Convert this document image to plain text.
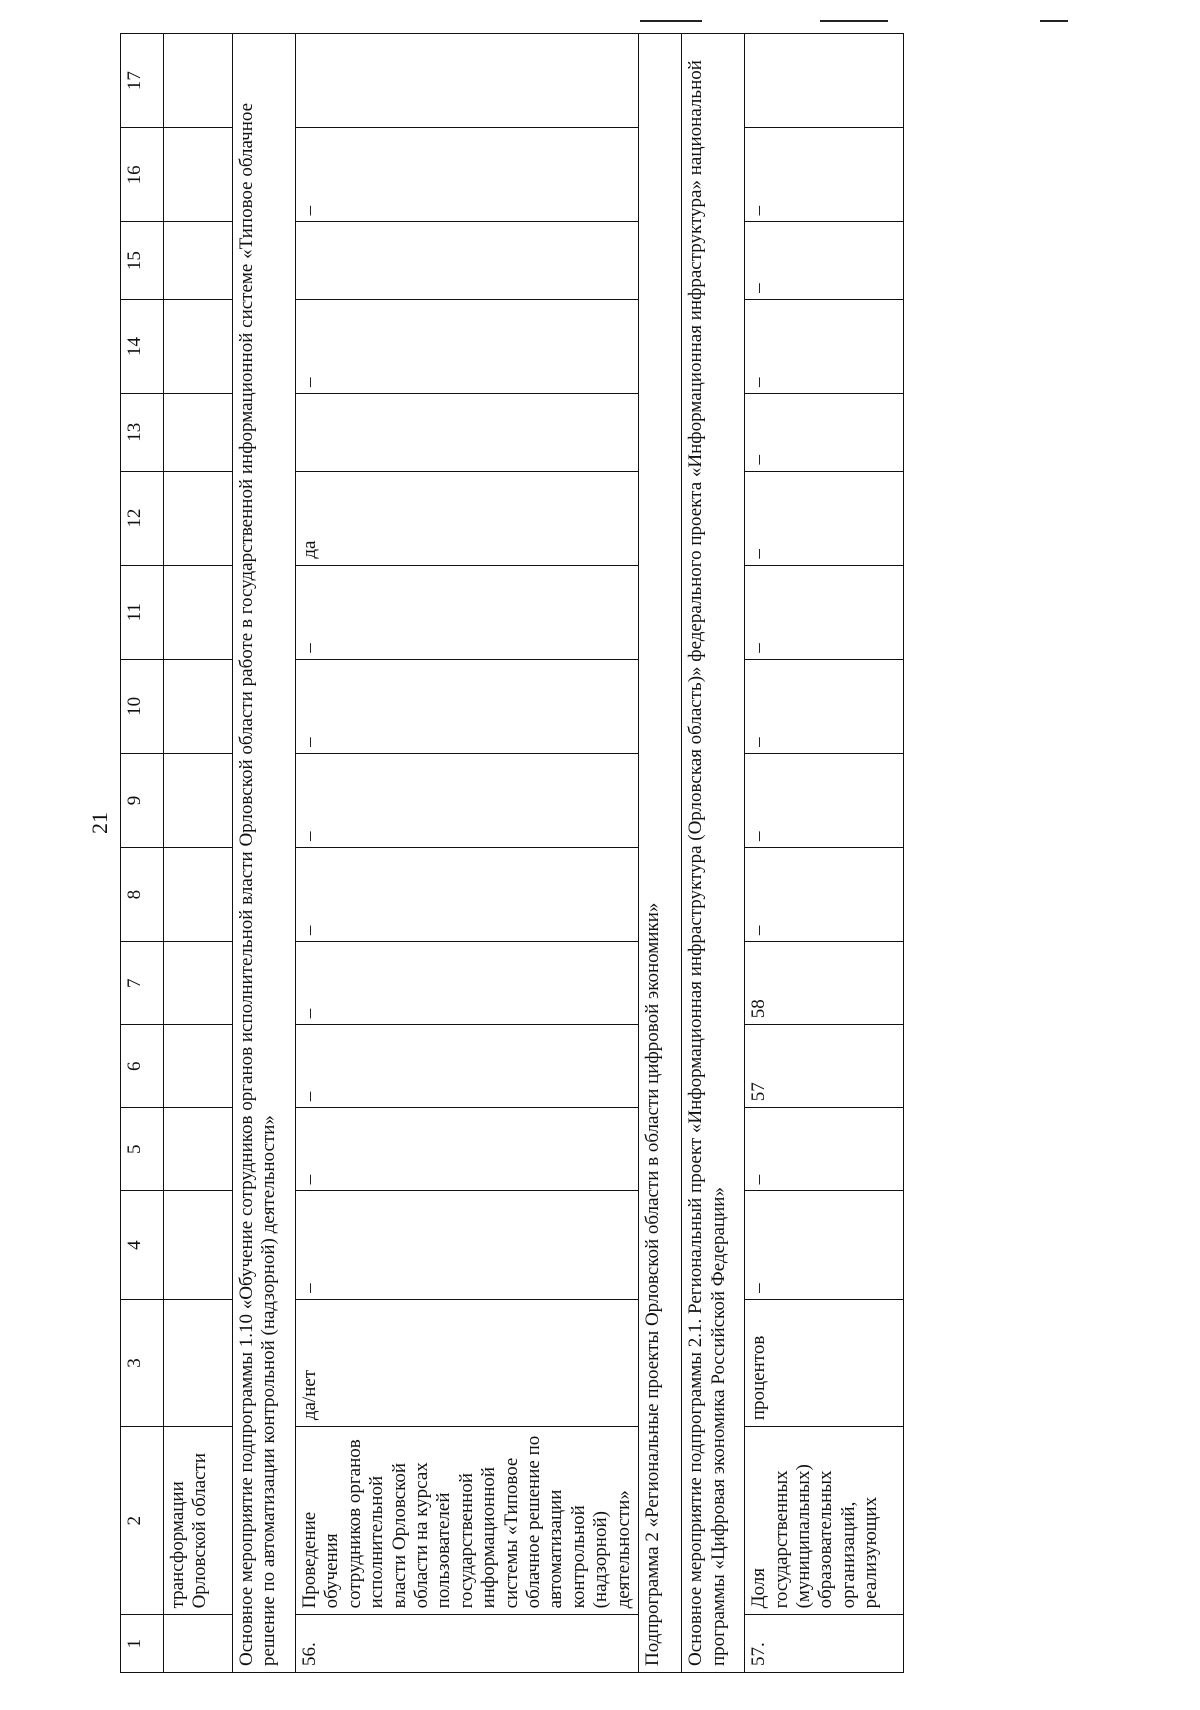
21
1	2	3	4	5	6	7	8	9	10	11	12	13	14	15	16	17
	трансформации Орловской области															
Основное мероприятие подпрограммы 1.10 «Обучение сотрудников органов исполнительной власти Орловской области работе в государственной информационной системе «Типовое облачное решение по автоматизации контрольной (надзорной) деятельности»																
56.	Проведение обучения сотрудников органов исполнительной власти Орловской области на курсах пользователей государственной информационной системы «Типовое облачное решение по автоматизации контрольной (надзорной) деятельности»	да/нет	–	–	–	–	–	–	–	–	да		–		–	
Подпрограмма 2 «Региональные проекты Орловской области в области цифровой экономики»																
Основное мероприятие подпрограммы 2.1. Региональный проект «Информационная инфраструктура (Орловская область)» федерального проекта «Информационная инфраструктура» национальной программы «Цифровая экономика Российской Федерации»																
57.	Доля государственных (муниципальных) образовательных организаций, реализующих	процентов	–	–	57	58	–	–	–	–	–	–	–	–	–	
